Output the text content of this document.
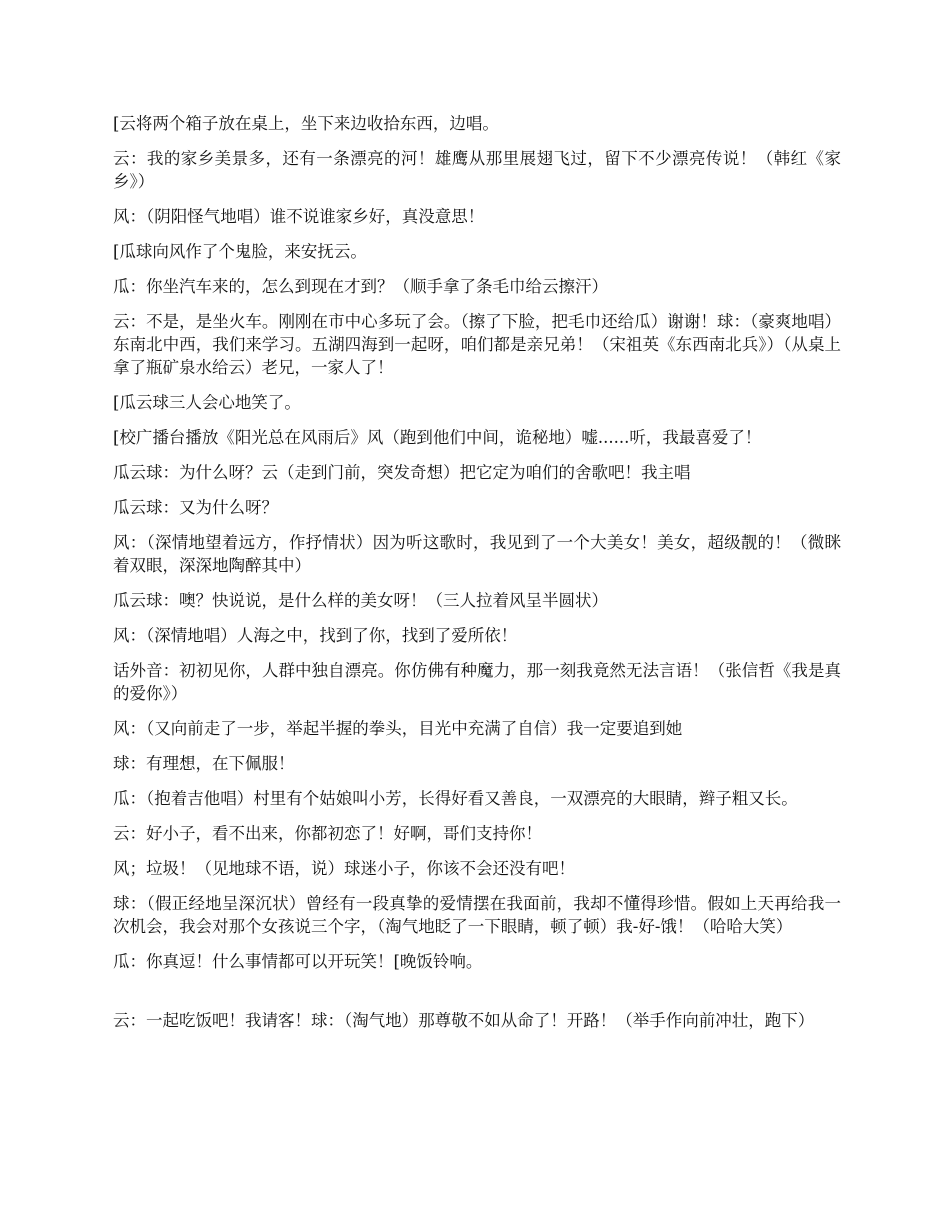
[云将两个箱子放在桌上，坐下来边收拾东西，边唱。

云：我的家乡美景多，还有一条漂亮的河！雄鹰从那里展翅飞过，留下不少漂亮传说！（韩红《家乡》）

风：（阴阳怪气地唱）谁不说谁家乡好，真没意思！

[瓜球向风作了个鬼脸，来安抚云。

瓜：你坐汽车来的，怎么到现在才到？（顺手拿了条毛巾给云擦汗）

云：不是，是坐火车。刚刚在市中心多玩了会。（擦了下脸，把毛巾还给瓜）谢谢！球：（豪爽地唱）东南北中西，我们来学习。五湖四海到一起呀，咱们都是亲兄弟！（宋祖英《东西南北兵》）（从桌上拿了瓶矿泉水给云）老兄，一家人了！

[瓜云球三人会心地笑了。

[校广播台播放《阳光总在风雨后》风（跑到他们中间，诡秘地）嘘......听，我最喜爱了！

瓜云球：为什么呀？云（走到门前，突发奇想）把它定为咱们的舍歌吧！我主唱

瓜云球：又为什么呀？

风：（深情地望着远方，作抒情状）因为听这歌时，我见到了一个大美女！美女，超级靓的！（微眯着双眼，深深地陶醉其中）

瓜云球：噢？快说说，是什么样的美女呀！（三人拉着风呈半圆状）

风：（深情地唱）人海之中，找到了你，找到了爱所依！

话外音：初初见你，人群中独自漂亮。你仿佛有种魔力，那一刻我竟然无法言语！（张信哲《我是真的爱你》）

风：（又向前走了一步，举起半握的拳头，目光中充满了自信）我一定要追到她

球：有理想，在下佩服！

瓜：（抱着吉他唱）村里有个姑娘叫小芳，长得好看又善良，一双漂亮的大眼睛，辫子粗又长。

云：好小子，看不出来，你都初恋了！好啊，哥们支持你！

风；垃圾！（见地球不语，说）球迷小子，你该不会还没有吧！

球：（假正经地呈深沉状）曾经有一段真挚的爱情摆在我面前，我却不懂得珍惜。假如上天再给我一次机会，我会对那个女孩说三个字，（淘气地眨了一下眼睛，顿了顿）我-好-饿！（哈哈大笑）

瓜：你真逗！什么事情都可以开玩笑！[晚饭铃响。

云：一起吃饭吧！我请客！球：（淘气地）那尊敬不如从命了！开路！（举手作向前冲壮，跑下）
